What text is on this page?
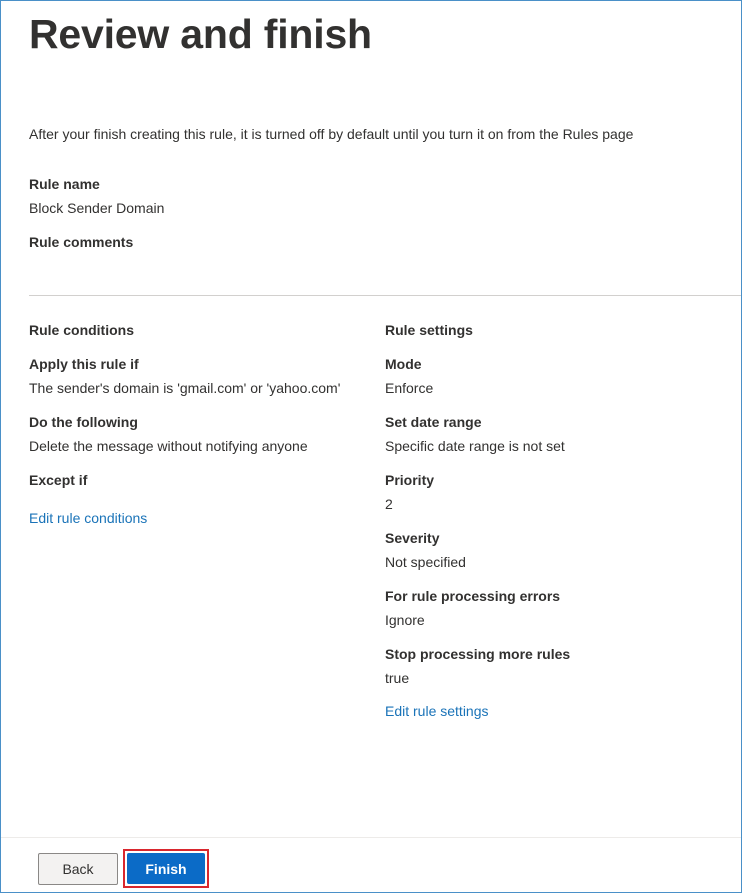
Review and finish
After your finish creating this rule, it is turned off by default until you turn it on from the Rules page
Rule name
Block Sender Domain
Rule comments
Rule conditions
Apply this rule if
The sender's domain is 'gmail.com' or 'yahoo.com'
Do the following
Delete the message without notifying anyone
Except if
Edit rule conditions
Rule settings
Mode
Enforce
Set date range
Specific date range is not set
Priority
2
Severity
Not specified
For rule processing errors
Ignore
Stop processing more rules
true
Edit rule settings
Back	Finish
